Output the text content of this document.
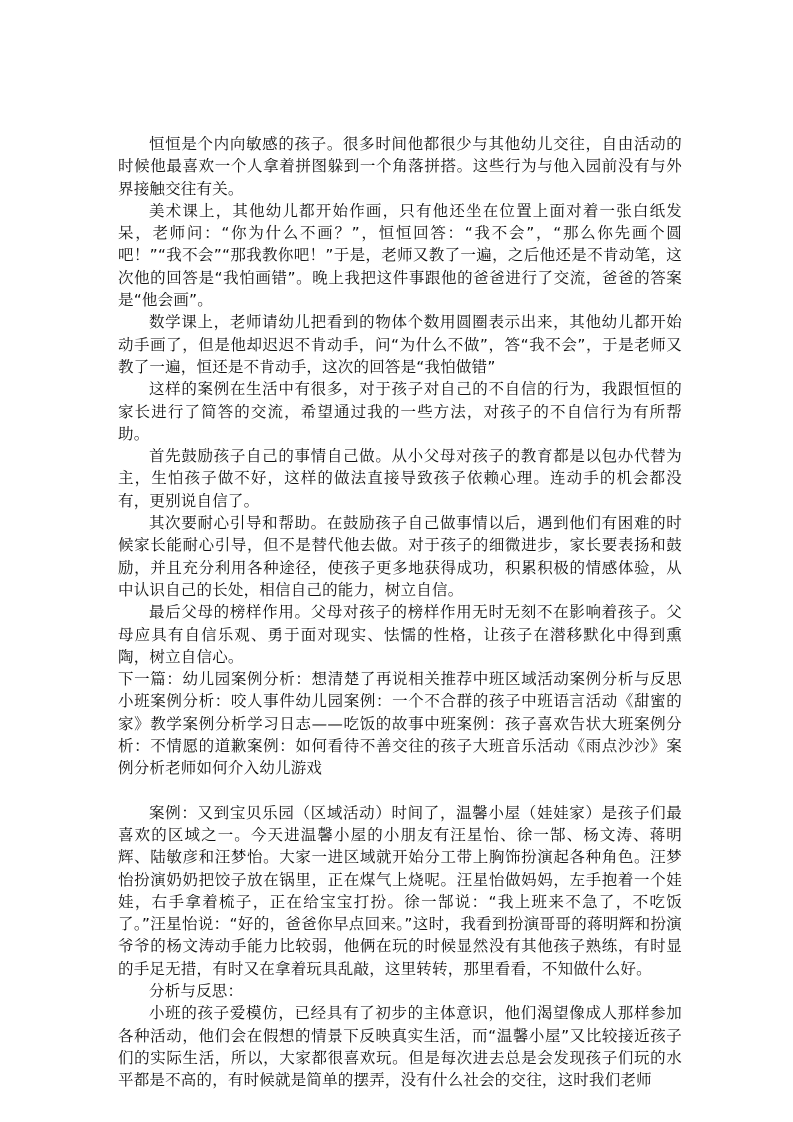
恒恒是个内向敏感的孩子。很多时间他都很少与其他幼儿交往，自由活动的时候他最喜欢一个人拿着拼图躲到一个角落拼搭。这些行为与他入园前没有与外界接触交往有关。

美术课上，其他幼儿都开始作画，只有他还坐在位置上面对着一张白纸发呆，老师问：“你为什么不画？”，恒恒回答：“我不会”，“那么你先画个圆吧！”“我不会”“那我教你吧！”于是，老师又教了一遍，之后他还是不肯动笔，这次他的回答是“我怕画错”。晚上我把这件事跟他的爸爸进行了交流，爸爸的答案是“他会画”。

数学课上，老师请幼儿把看到的物体个数用圆圈表示出来，其他幼儿都开始动手画了，但是他却迟迟不肯动手，问“为什么不做”，答“我不会”，于是老师又教了一遍，恒还是不肯动手，这次的回答是“我怕做错”

这样的案例在生活中有很多，对于孩子对自己的不自信的行为，我跟恒恒的家长进行了简答的交流，希望通过我的一些方法，对孩子的不自信行为有所帮助。

首先鼓励孩子自己的事情自己做。从小父母对孩子的教育都是以包办代替为主，生怕孩子做不好，这样的做法直接导致孩子依赖心理。连动手的机会都没有，更别说自信了。

其次要耐心引导和帮助。在鼓励孩子自己做事情以后，遇到他们有困难的时候家长能耐心引导，但不是替代他去做。对于孩子的细微进步，家长要表扬和鼓励，并且充分利用各种途径，使孩子更多地获得成功，积累积极的情感体验，从中认识自己的长处，相信自己的能力，树立自信。

最后父母的榜样作用。父母对孩子的榜样作用无时无刻不在影响着孩子。父母应具有自信乐观、勇于面对现实、怯懦的性格，让孩子在潜移默化中得到熏陶，树立自信心。

下一篇：幼儿园案例分析：想清楚了再说相关推荐中班区域活动案例分析与反思小班案例分析：咬人事件幼儿园案例：一个不合群的孩子中班语言活动《甜蜜的家》教学案例分析学习日志——吃饭的故事中班案例：孩子喜欢告状大班案例分析：不情愿的道歉案例：如何看待不善交往的孩子大班音乐活动《雨点沙沙》案例分析老师如何介入幼儿游戏

案例：又到宝贝乐园（区域活动）时间了，温馨小屋（娃娃家）是孩子们最喜欢的区域之一。今天进温馨小屋的小朋友有汪星怡、徐一郜、杨文涛、蒋明辉、陆敏彦和汪梦怡。大家一进区域就开始分工带上胸饰扮演起各种角色。汪梦怡扮演奶奶把饺子放在锅里，正在煤气上烧呢。汪星怡做妈妈，左手抱着一个娃娃，右手拿着梳子，正在给宝宝打扮。徐一郜说：“我上班来不急了，不吃饭了。”汪星怡说：“好的，爸爸你早点回来。”这时，我看到扮演哥哥的蒋明辉和扮演爷爷的杨文涛动手能力比较弱，他俩在玩的时候显然没有其他孩子熟练，有时显的手足无措，有时又在拿着玩具乱敲，这里转转，那里看看，不知做什么好。

分析与反思：

小班的孩子爱模仿，已经具有了初步的主体意识，他们渴望像成人那样参加各种活动，他们会在假想的情景下反映真实生活，而“温馨小屋”又比较接近孩子们的实际生活，所以，大家都很喜欢玩。但是每次进去总是会发现孩子们玩的水平都是不高的，有时候就是简单的摆弄，没有什么社会的交往，这时我们老师
